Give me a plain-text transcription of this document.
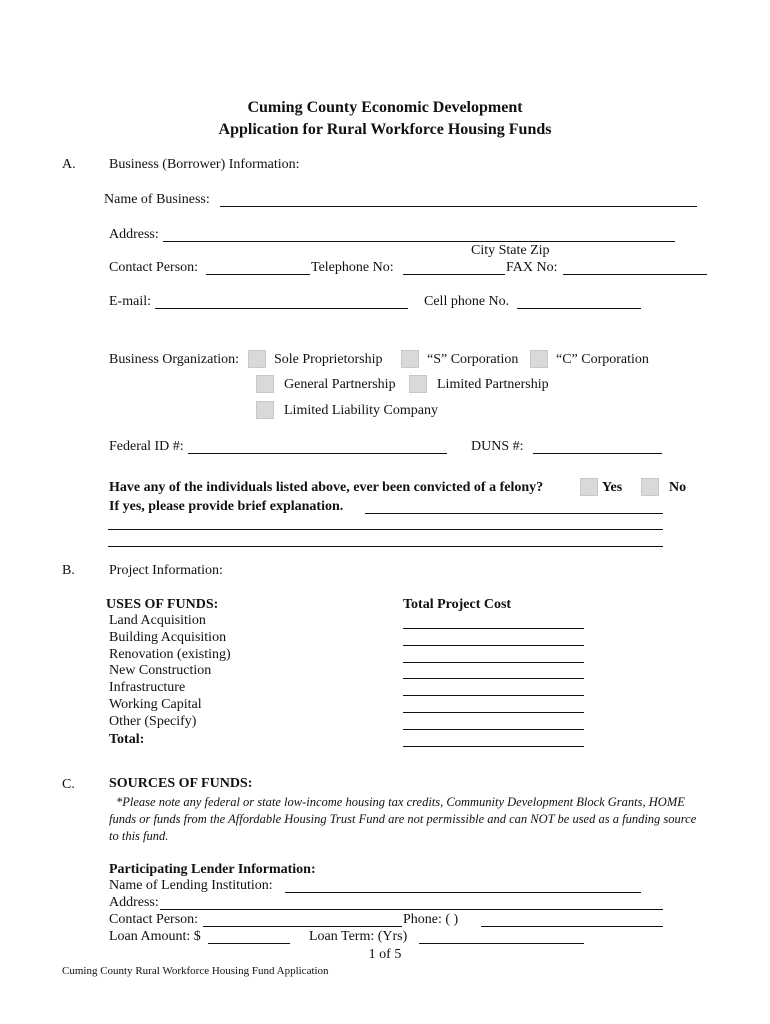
Cuming County Economic Development
Application for Rural Workforce Housing Funds
A. Business (Borrower) Information:
Name of Business:
Address:
City State Zip
Contact Person:	Telephone No:	FAX No:
E-mail:	Cell phone No.
Business Organization: Sole Proprietorship	“S” Corporation	“C” Corporation
General Partnership	Limited Partnership
Limited Liability Company
Federal ID #:	DUNS #:
Have any of the individuals listed above, ever been convicted of a felony?	Yes	No
If yes, please provide brief explanation.
B. Project Information:
USES OF FUNDS:	Total Project Cost
Land Acquisition
Building Acquisition
Renovation (existing)
New Construction
Infrastructure
Working Capital
Other (Specify)
Total:
C. SOURCES OF FUNDS:
*Please note any federal or state low-income housing tax credits, Community Development Block Grants, HOME
funds or funds from the Affordable Housing Trust Fund are not permissible and can NOT be used as a funding source
to this fund.
Participating Lender Information:
Name of Lending Institution:
Address:
Contact Person:	Phone: ( )
Loan Amount: $	Loan Term: (Yrs)
1 of 5
Cuming County Rural Workforce Housing Fund Application
